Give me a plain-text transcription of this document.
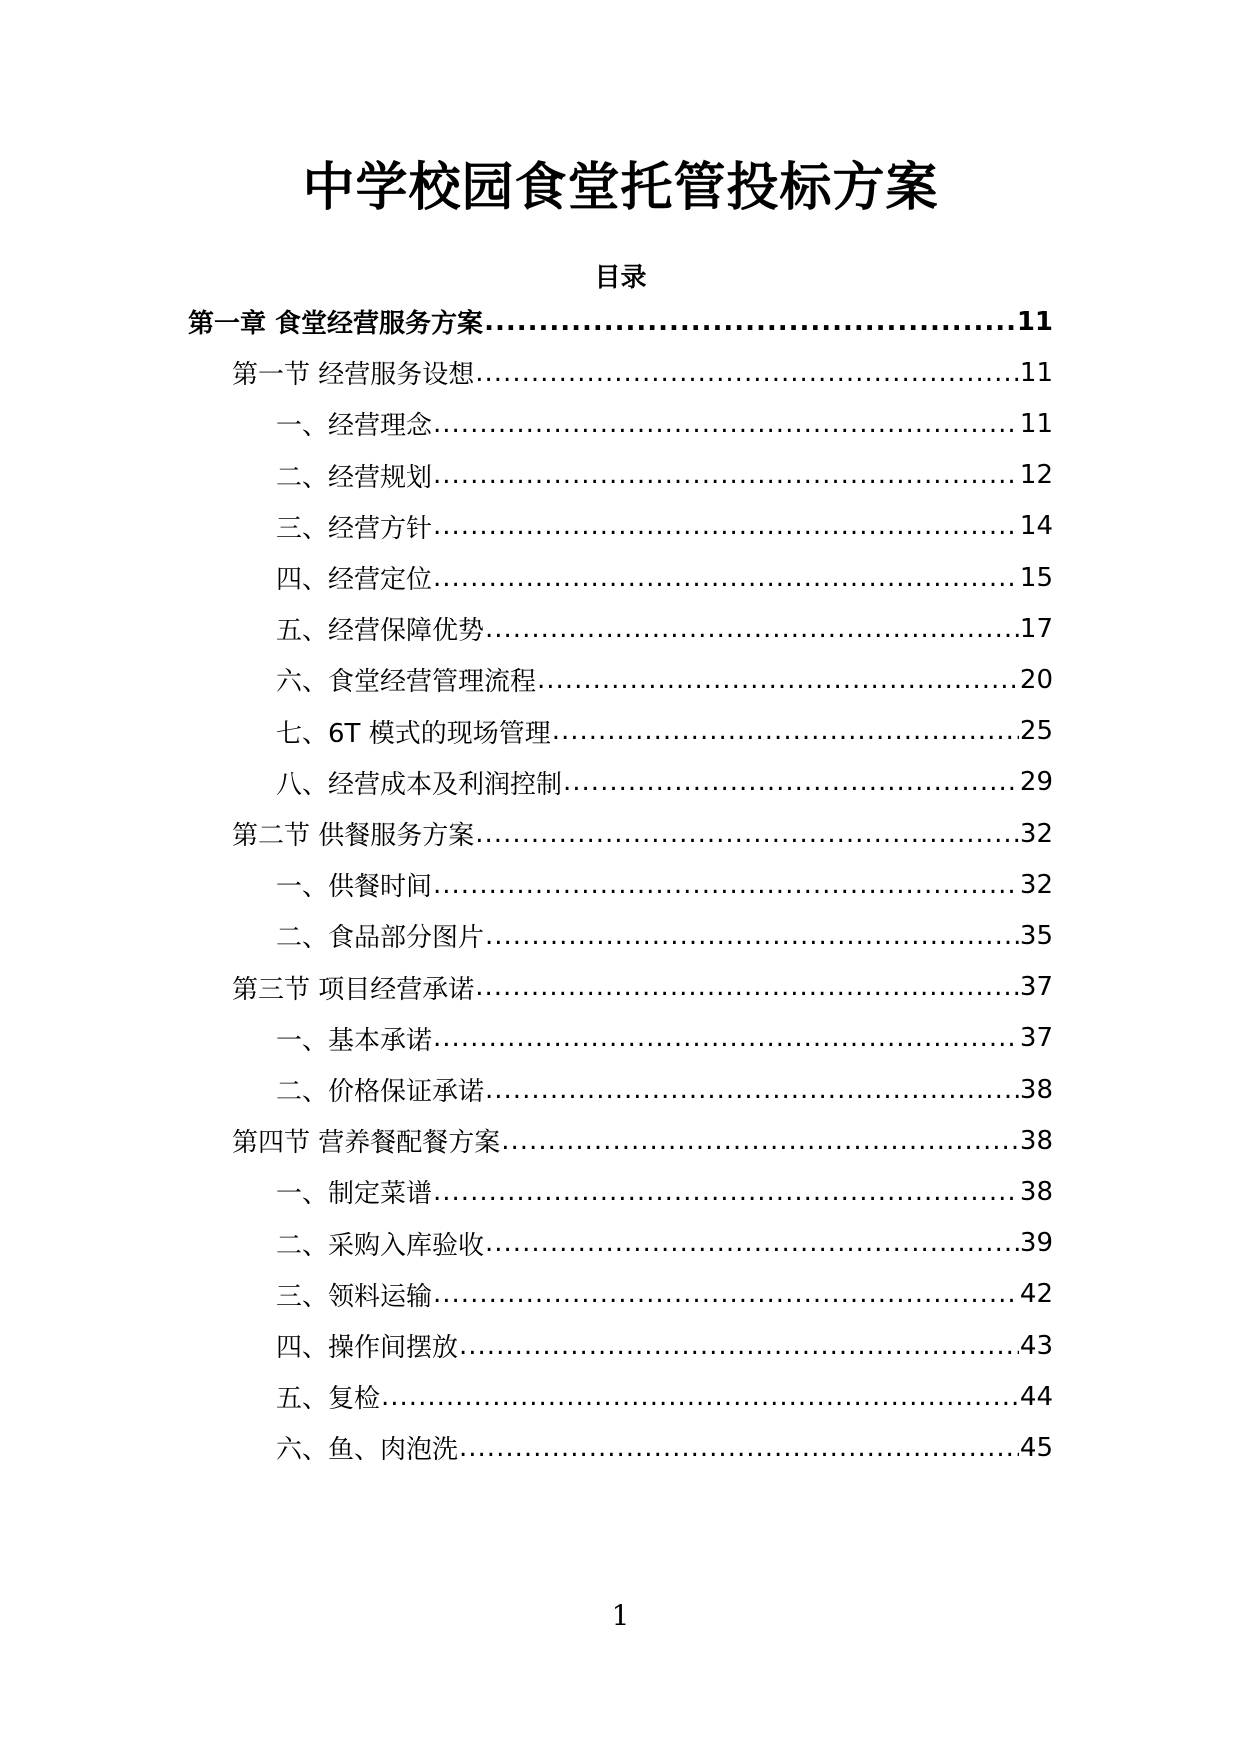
中学校园食堂托管投标方案
目录
第一章 食堂经营服务方案 .....	11
第一节 经营服务设想 .....	11
一、经营理念 .....	11
二、经营规划 .....	12
三、经营方针 .....	14
四、经营定位 .....	15
五、经营保障优势 .....	17
六、食堂经营管理流程 .....	20
七、6T 模式的现场管理 .....	25
八、经营成本及利润控制 .....	29
第二节 供餐服务方案 .....	32
一、供餐时间 .....	32
二、食品部分图片 .....	35
第三节 项目经营承诺 .....	37
一、基本承诺 .....	37
二、价格保证承诺 .....	38
第四节 营养餐配餐方案 .....	38
一、制定菜谱 .....	38
二、采购入库验收 .....	39
三、领料运输 .....	42
四、操作间摆放 .....	43
五、复检 .....	44
六、鱼、肉泡洗 .....	45
1
